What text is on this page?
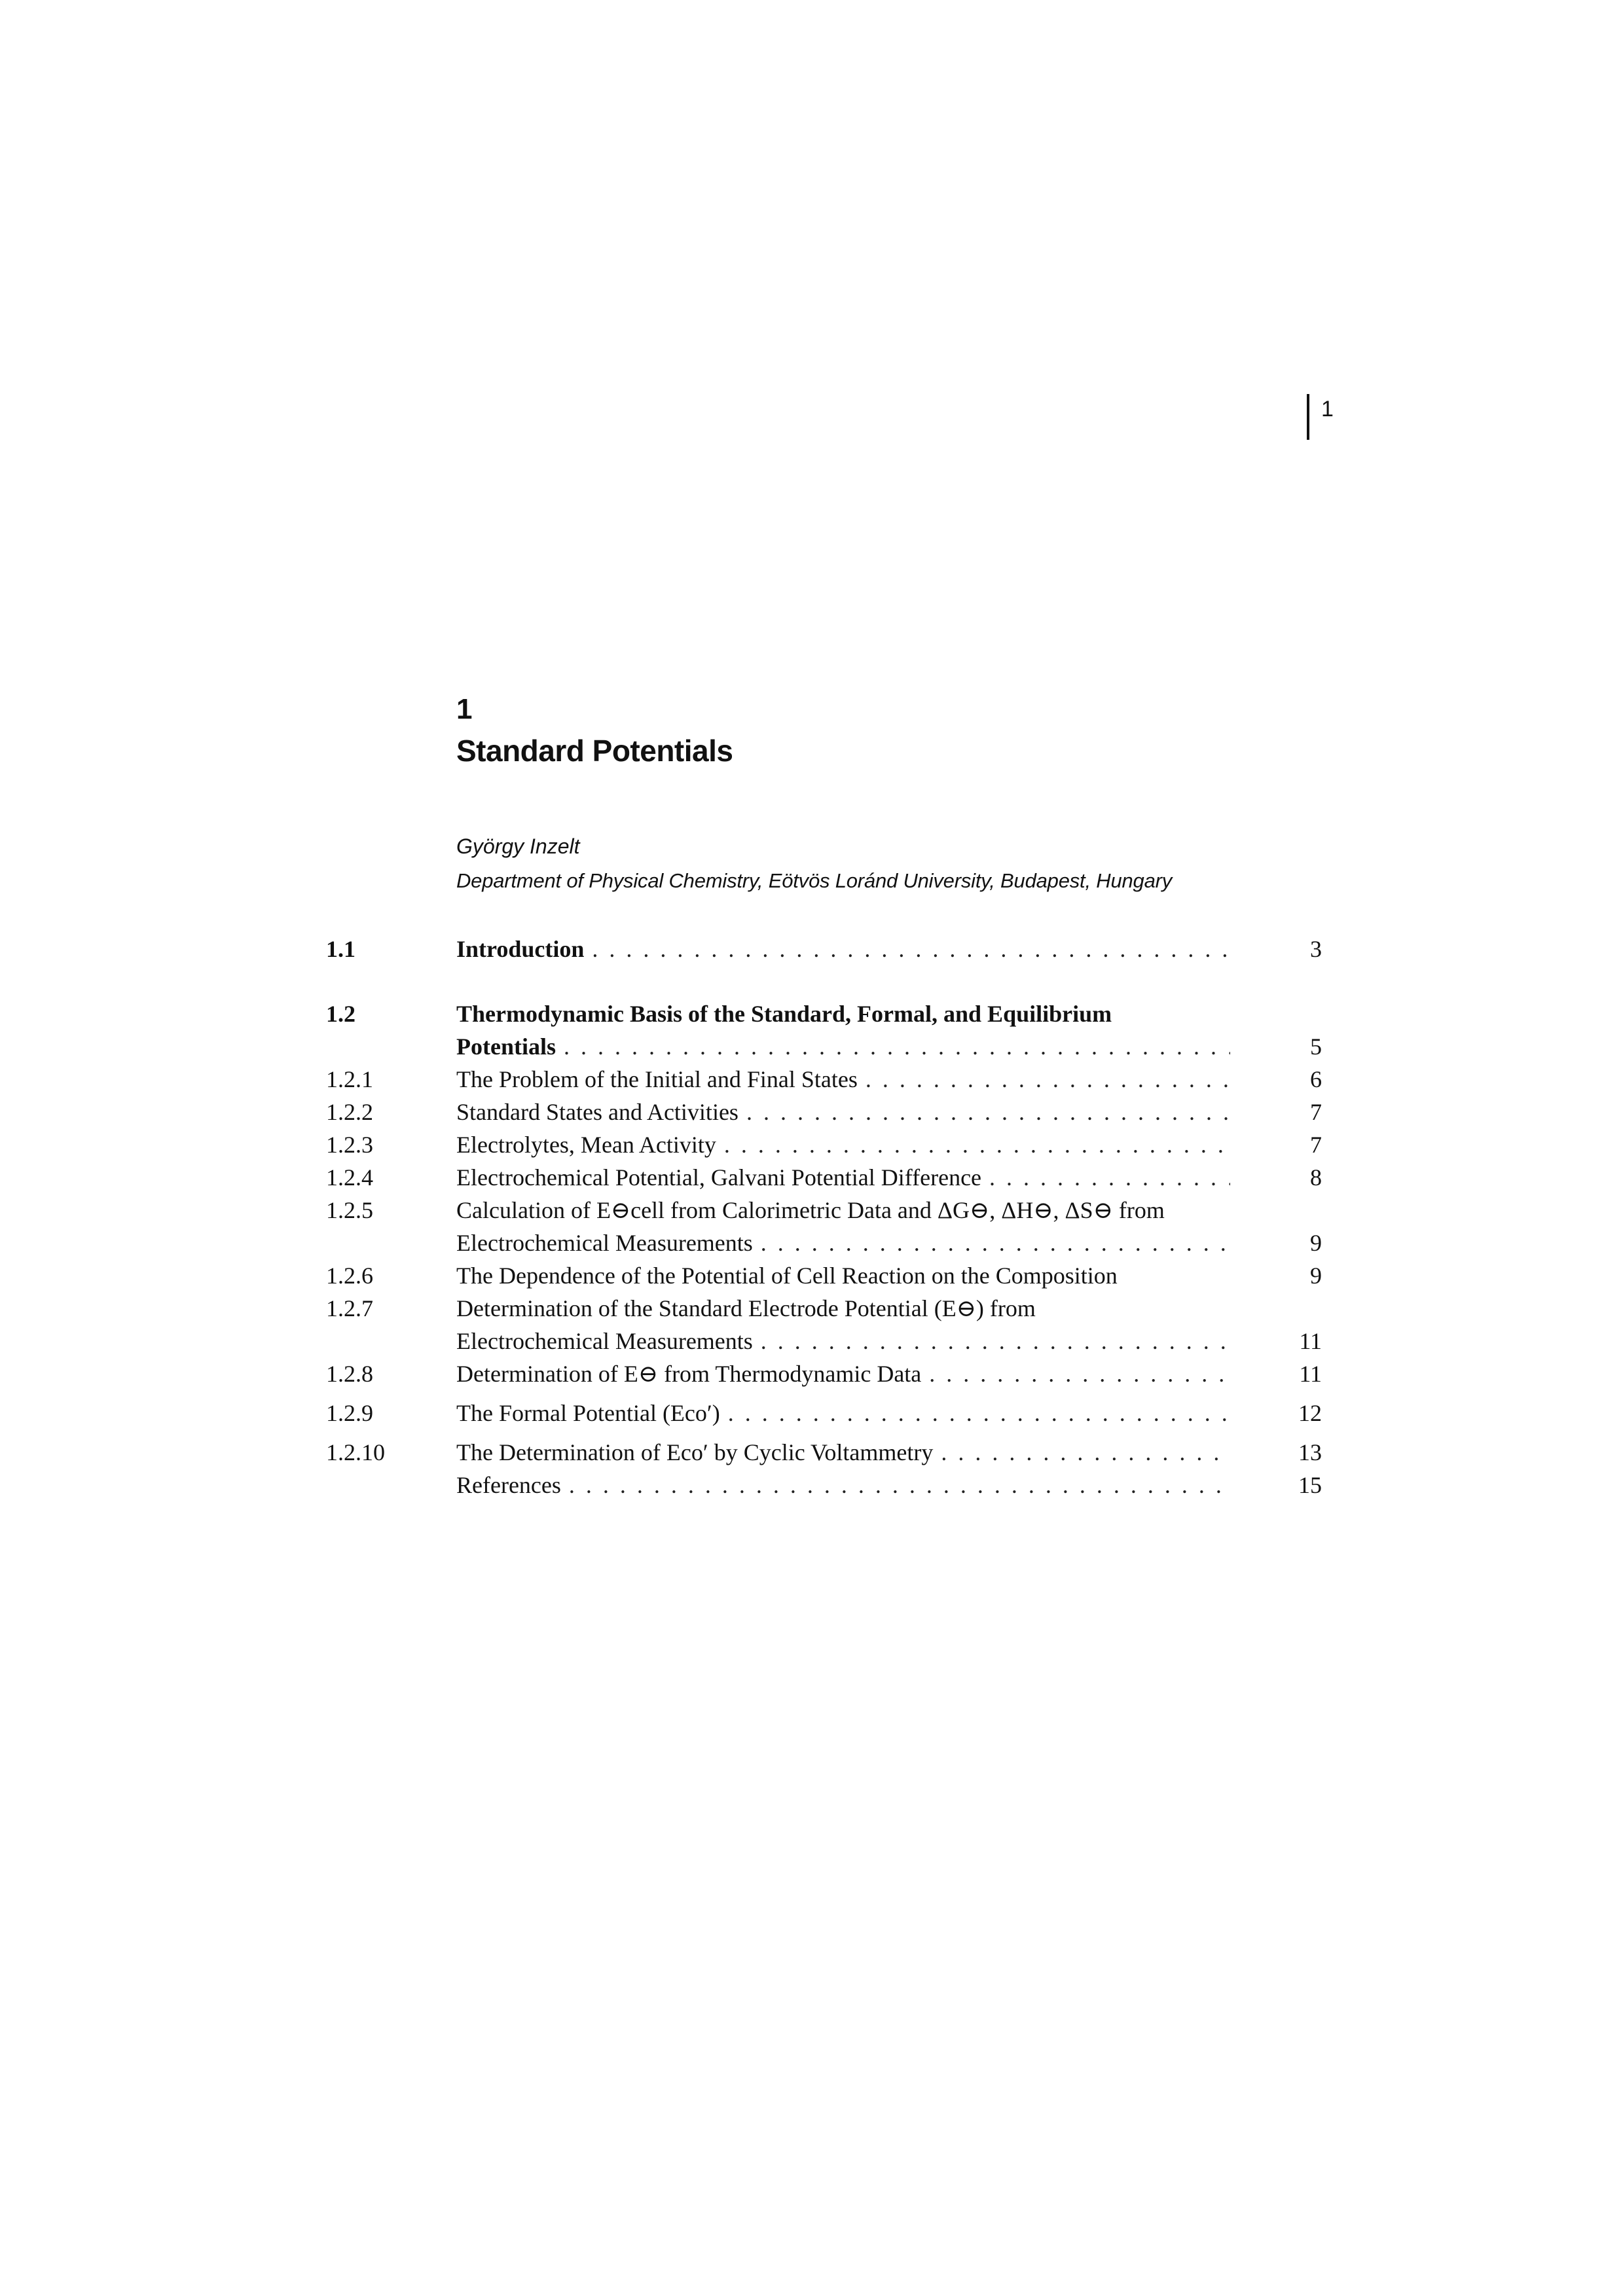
1
1
Standard Potentials
György Inzelt
Department of Physical Chemistry, Eötvös Loránd University, Budapest, Hungary
1.1	Introduction . . .	3
1.2	Thermodynamic Basis of the Standard, Formal, and Equilibrium
Potentials . . .	5
1.2.1	The Problem of the Initial and Final States . . .	6
1.2.2	Standard States and Activities . . .	7
1.2.3	Electrolytes, Mean Activity . . .	7
1.2.4	Electrochemical Potential, Galvani Potential Difference . . .	8
1.2.5	Calculation of E⊖cell from Calorimetric Data and ΔG⊖, ΔH⊖, ΔS⊖ from
Electrochemical Measurements . . .	9
1.2.6	The Dependence of the Potential of Cell Reaction on the Composition	9
1.2.7	Determination of the Standard Electrode Potential (E⊖) from
Electrochemical Measurements . . .	11
1.2.8	Determination of E⊖ from Thermodynamic Data . . .	11
1.2.9	The Formal Potential (Eco′) . . .	12
1.2.10	The Determination of Eco′ by Cyclic Voltammetry . . .	13
References . . .	15
